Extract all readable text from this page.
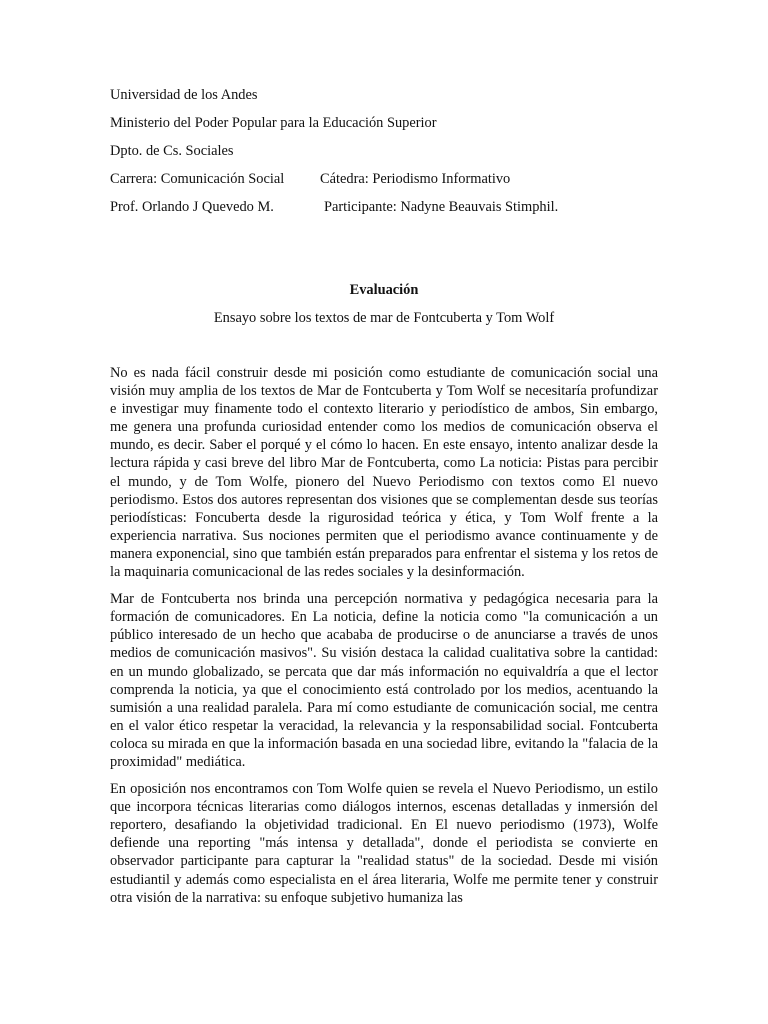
Universidad de los Andes
Ministerio del Poder Popular para la Educación Superior
Dpto. de Cs. Sociales
Carrera: Comunicación Social Cátedra: Periodismo Informativo
Prof. Orlando J Quevedo M.	Participante: Nadyne Beauvais Stimphil.
Evaluación
Ensayo sobre los textos de mar de Fontcuberta y Tom Wolf

No es nada fácil construir desde mi posición como estudiante de comunicación social una visión muy amplia de los textos de Mar de Fontcuberta y Tom Wolf se necesitaría profundizar e investigar muy finamente todo el contexto literario y periodístico de ambos, Sin embargo, me genera una profunda curiosidad entender como los medios de comunicación observa el mundo, es decir. Saber el porqué y el cómo lo hacen. En este ensayo, intento analizar desde la lectura rápida y casi breve del libro Mar de Fontcuberta, como La noticia: Pistas para percibir el mundo, y de Tom Wolfe, pionero del Nuevo Periodismo con textos como El nuevo periodismo. Estos dos autores representan dos visiones que se complementan desde sus teorías periodísticas: Foncuberta desde la rigurosidad teórica y ética, y Tom Wolf frente a la experiencia narrativa. Sus nociones permiten que el periodismo avance continuamente y de manera exponencial, sino que también están preparados para enfrentar el sistema y los retos de la maquinaria comunicacional de las redes sociales y la desinformación.

Mar de Fontcuberta nos brinda una percepción normativa y pedagógica necesaria para la formación de comunicadores. En La noticia, define la noticia como "la comunicación a un público interesado de un hecho que acababa de producirse o de anunciarse a través de unos medios de comunicación masivos". Su visión destaca la calidad cualitativa sobre la cantidad: en un mundo globalizado, se percata que dar más información no equivaldría a que el lector comprenda la noticia, ya que el conocimiento está controlado por los medios, acentuando la sumisión a una realidad paralela. Para mí como estudiante de comunicación social, me centra en el valor ético respetar la veracidad, la relevancia y la responsabilidad social. Fontcuberta coloca su mirada en que la información basada en una sociedad libre, evitando la "falacia de la proximidad" mediática.

En oposición nos encontramos con Tom Wolfe quien se revela el Nuevo Periodismo, un estilo que incorpora técnicas literarias como diálogos internos, escenas detalladas y inmersión del reportero, desafiando la objetividad tradicional. En El nuevo periodismo (1973), Wolfe defiende una reporting "más intensa y detallada", donde el periodista se convierte en observador participante para capturar la "realidad status" de la sociedad. Desde mi visión estudiantil y además como especialista en el área literaria, Wolfe me permite tener y construir otra visión de la narrativa: su enfoque subjetivo humaniza las
